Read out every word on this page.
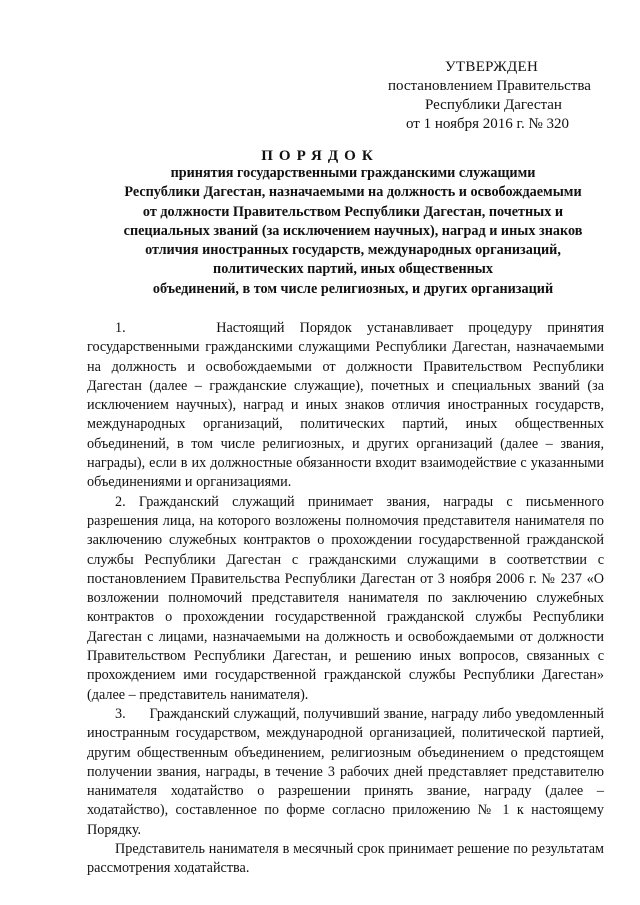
УТВЕРЖДЕН
постановлением Правительства
Республики Дагестан
от 1 ноября 2016 г. № 320
ПОРЯДОК
принятия государственными гражданскими служащими
Республики Дагестан, назначаемыми на должность и освобождаемыми
от должности Правительством Республики Дагестан, почетных и
специальных званий (за исключением научных), наград и иных знаков
отличия иностранных государств, международных организаций,
политических партий, иных общественных
объединений, в том числе религиозных, и других организаций

1.      Настоящий Порядок устанавливает процедуру принятия государственными гражданскими служащими Республики Дагестан, назначаемыми на должность и освобождаемыми от должности Правительством Республики Дагестан (далее – гражданские служащие), почетных и специальных званий (за исключением научных), наград и иных знаков отличия иностранных государств, международных организаций, политических партий, иных общественных объединений, в том числе религиозных, и других организаций (далее – звания, награды), если в их должностные обязанности входит взаимодействие с указанными объединениями и организациями.

2. Гражданский служащий принимает звания, награды с письменного разрешения лица, на которого возложены полномочия представителя нанимателя по заключению служебных контрактов о прохождении государственной гражданской службы Республики Дагестан с гражданскими служащими в соответствии с постановлением Правительства Республики Дагестан от 3 ноября 2006 г. № 237 «О возложении полномочий представителя нанимателя по заключению служебных контрактов о прохождении государственной гражданской службы Республики Дагестан с лицами, назначаемыми на должность и освобождаемыми от должности Правительством Республики Дагестан, и решению иных вопросов, связанных с прохождением ими государственной гражданской службы Республики Дагестан» (далее – представитель нанимателя).

3.      Гражданский служащий, получивший звание, награду либо уведомленный иностранным государством, международной организацией, политической партией, другим общественным объединением, религиозным объединением о предстоящем получении звания, награды, в течение 3 рабочих дней представляет представителю нанимателя ходатайство о разрешении принять звание, награду (далее – ходатайство), составленное по форме согласно приложению № 1 к настоящему Порядку.

Представитель нанимателя в месячный срок принимает решение по результатам рассмотрения ходатайства.
